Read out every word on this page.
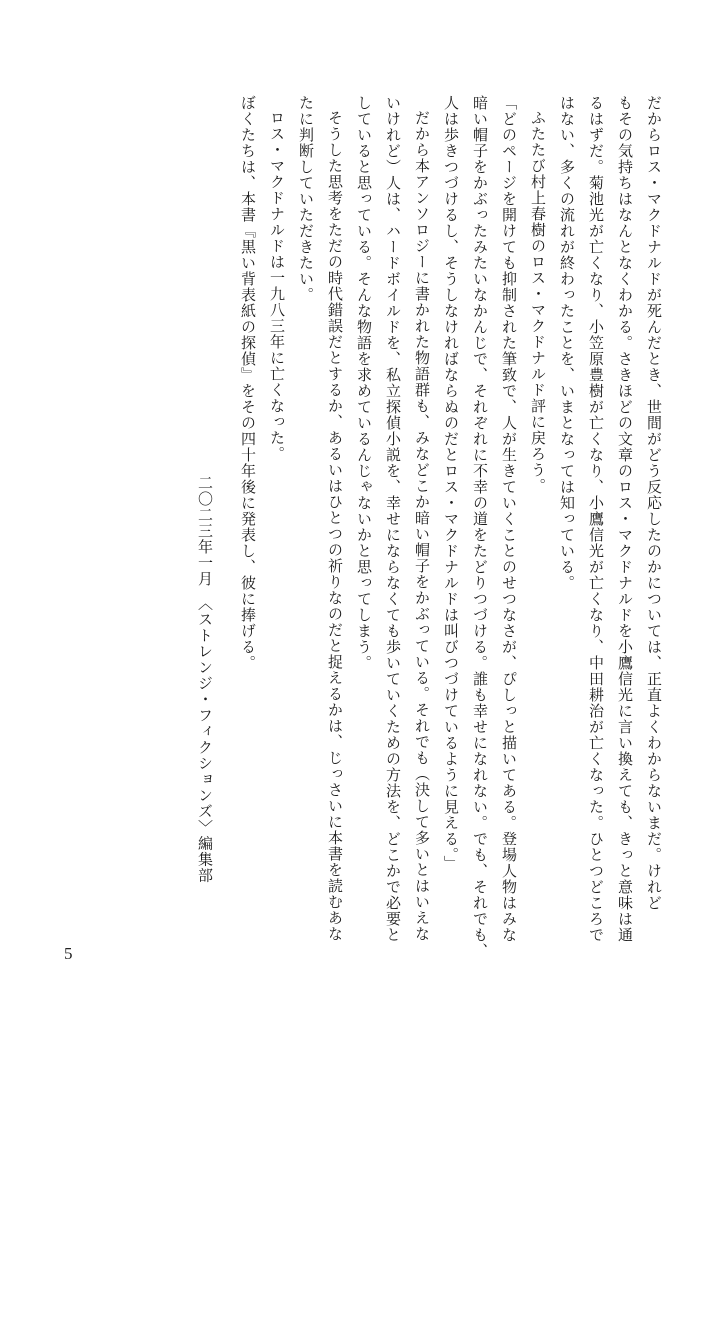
だからロス・マクドナルドが死んだとき、世間がどう反応したのかについては、正直よくわからないまだ。けれど
もその気持ちはなんとなくわかる。さきほどの文章のロス・マクドナルドを小鷹信光に言い換えても、きっと意味は通
るはずだ。菊池光が亡くなり、小笠原豊樹が亡くなり、小鷹信光が亡くなり、中田耕治が亡くなった。ひとつどころで
はない、多くの流れが終わったことを、いまとなっては知っている。
ふたたび村上春樹のロス・マクドナルド評に戻ろう。
「どのページを開けても抑制された筆致で、人が生きていくことのせつなさが、ぴしっと描いてある。登場人物はみな
暗い帽子をかぶったみたいなかんじで、それぞれに不幸の道をたどりつづける。誰も幸せになれない。でも、それでも、
人は歩きつづけるし、そうしなければならぬのだとロス・マクドナルドは叫びつづけているように見える。」
だから本アンソロジーに書かれた物語群も、みなどこか暗い帽子をかぶっている。それでも（決して多いとはいえな
いけれど）人は、ハードボイルドを、私立探偵小説を、幸せにならなくても歩いていくための方法を、どこかで必要と
していると思っている。そんな物語を求めているんじゃないかと思ってしまう。
そうした思考をただの時代錯誤だとするか、あるいはひとつの祈りなのだと捉えるかは、じっさいに本書を読むあな
たに判断していただきたい。
ロス・マクドナルドは一九八三年に亡くなった。
ぼくたちは、本書『黒い背表紙の探偵』をその四十年後に発表し、彼に捧げる。
二〇二三年一月　〈ストレンジ・フィクションズ〉編集部
5
